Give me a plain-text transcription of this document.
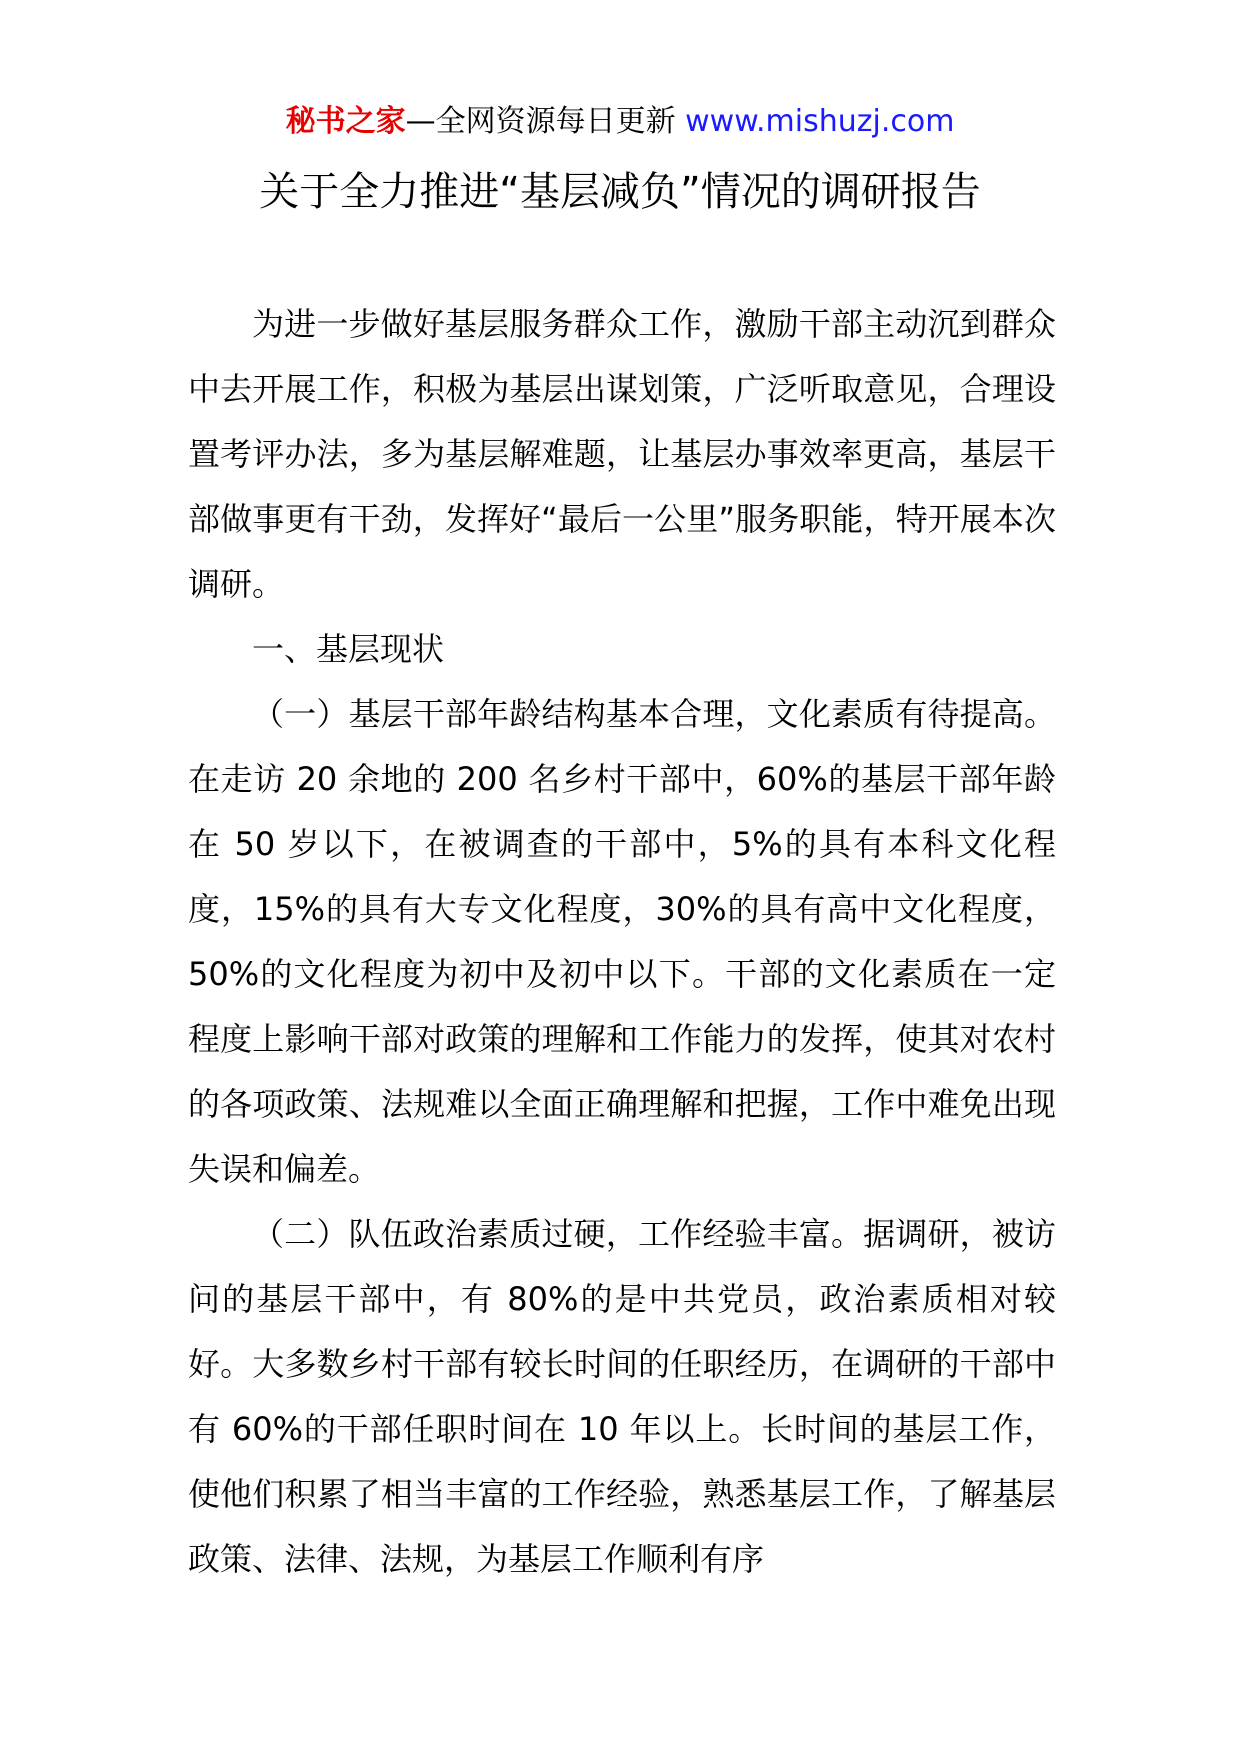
秘书之家—全网资源每日更新 www.mishuzj.com
关于全力推进“基层减负”情况的调研报告

为进一步做好基层服务群众工作，激励干部主动沉到群众中去开展工作，积极为基层出谋划策，广泛听取意见，合理设置考评办法，多为基层解难题，让基层办事效率更高，基层干部做事更有干劲，发挥好“最后一公里”服务职能，特开展本次调研。

一、基层现状

（一）基层干部年龄结构基本合理，文化素质有待提高。在走访 20 余地的 200 名乡村干部中，60%的基层干部年龄在 50 岁以下，在被调查的干部中，5%的具有本科文化程度，15%的具有大专文化程度，30%的具有高中文化程度，50%的文化程度为初中及初中以下。干部的文化素质在一定程度上影响干部对政策的理解和工作能力的发挥，使其对农村的各项政策、法规难以全面正确理解和把握，工作中难免出现失误和偏差。

（二）队伍政治素质过硬，工作经验丰富。据调研，被访问的基层干部中，有 80%的是中共党员，政治素质相对较好。大多数乡村干部有较长时间的任职经历，在调研的干部中有 60%的干部任职时间在 10 年以上。长时间的基层工作，使他们积累了相当丰富的工作经验，熟悉基层工作，了解基层政策、法律、法规，为基层工作顺利有序
